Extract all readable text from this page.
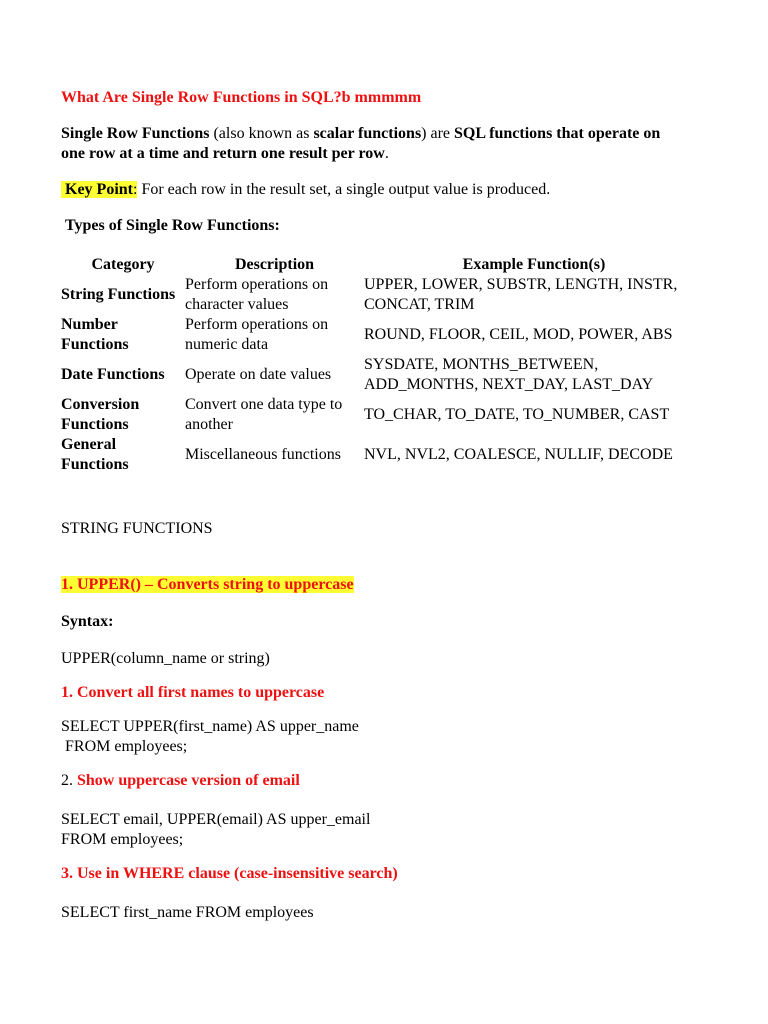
What Are Single Row Functions in SQL?b mmmmm
Single Row Functions (also known as scalar functions) are SQL functions that operate on one row at a time and return one result per row.
Key Point: For each row in the result set, a single output value is produced.
Types of Single Row Functions:
Category	Description	Example Function(s)
String Functions	Perform operations on character values	UPPER, LOWER, SUBSTR, LENGTH, INSTR, CONCAT, TRIM
Number Functions	Perform operations on numeric data	ROUND, FLOOR, CEIL, MOD, POWER, ABS
Date Functions	Operate on date values	SYSDATE, MONTHS_BETWEEN, ADD_MONTHS, NEXT_DAY, LAST_DAY
Conversion Functions	Convert one data type to another	TO_CHAR, TO_DATE, TO_NUMBER, CAST
General Functions	Miscellaneous functions	NVL, NVL2, COALESCE, NULLIF, DECODE
STRING FUNCTIONS
1. UPPER() – Converts string to uppercase
Syntax:
UPPER(column_name or string)
1. Convert all first names to uppercase
SELECT UPPER(first_name) AS upper_name
FROM employees;
2. Show uppercase version of email
SELECT email, UPPER(email) AS upper_email
FROM employees;
3. Use in WHERE clause (case-insensitive search)
SELECT first_name FROM employees
